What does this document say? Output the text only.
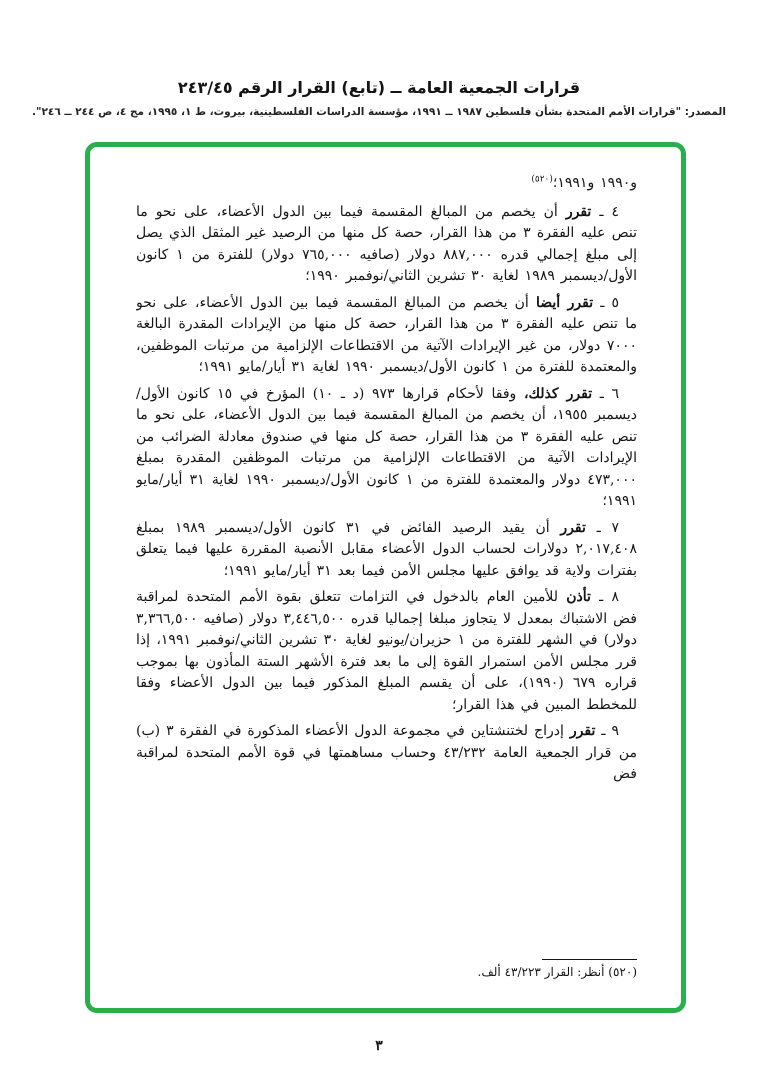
قرارات الجمعية العامة ــ (تابع) القرار الرقم ٢٤٣/٤٥
المصدر: "قرارات الأمم المتحدة بشأن فلسطين ١٩٨٧ ــ ١٩٩١، مؤسسة الدراسات الفلسطينية، بيروت، ط ١، ١٩٩٥، مج ٤، ص ٢٤٤ ــ ٢٤٦".

و١٩٩٠ و١٩٩١؛$^{(٥٢٠)}$

٤ ـ تقرر أن يخصم من المبالغ المقسمة فيما بين الدول الأعضاء، على نحو ما تنص عليه الفقرة ٣ من هذا القرار، حصة كل منها من الرصيد غير المثقل الذي يصل إلى مبلغ إجمالي قدره ٨٨٧,٠٠٠ دولار (صافيه ٧٦٥,٠٠٠ دولار) للفترة من ١ كانون الأول/ديسمبر ١٩٨٩ لغاية ٣٠ تشرين الثاني/نوفمبر ١٩٩٠؛

٥ ـ تقرر أيضا أن يخصم من المبالغ المقسمة فيما بين الدول الأعضاء، على نحو ما تنص عليه الفقرة ٣ من هذا القرار، حصة كل منها من الإيرادات المقدرة البالغة ٧٠٠٠ دولار، من غير الإيرادات الآتية من الاقتطاعات الإلزامية من مرتبات الموظفين، والمعتمدة للفترة من ١ كانون الأول/ديسمبر ١٩٩٠ لغاية ٣١ أيار/مايو ١٩٩١؛

٦ ـ تقرر كذلك، وفقا لأحكام قرارها ٩٧٣ (د ـ ١٠) المؤرخ في ١٥ كانون الأول/ديسمبر ١٩٥٥، أن يخصم من المبالغ المقسمة فيما بين الدول الأعضاء، على نحو ما تنص عليه الفقرة ٣ من هذا القرار، حصة كل منها في صندوق معادلة الضرائب من الإيرادات الآتية من الاقتطاعات الإلزامية من مرتبات الموظفين المقدرة بمبلغ ٤٧٣,٠٠٠ دولار والمعتمدة للفترة من ١ كانون الأول/ديسمبر ١٩٩٠ لغاية ٣١ أيار/مايو ١٩٩١؛

٧ ـ تقرر أن يقيد الرصيد الفائض في ٣١ كانون الأول/ديسمبر ١٩٨٩ بمبلغ ٢,٠١٧,٤٠٨ دولارات لحساب الدول الأعضاء مقابل الأنصبة المقررة عليها فيما يتعلق بفترات ولاية قد يوافق عليها مجلس الأمن فيما بعد ٣١ أيار/مايو ١٩٩١؛

٨ ـ تأذن للأمين العام بالدخول في التزامات تتعلق بقوة الأمم المتحدة لمراقبة فض الاشتباك بمعدل لا يتجاوز مبلغا إجماليا قدره ٣,٤٤٦,٥٠٠ دولار (صافيه ٣,٣٦٦,٥٠٠ دولار) في الشهر للفترة من ١ حزيران/يونيو لغاية ٣٠ تشرين الثاني/نوفمبر ١٩٩١، إذا قرر مجلس الأمن استمرار القوة إلى ما بعد فترة الأشهر الستة المأذون بها بموجب قراره ٦٧٩ (١٩٩٠)، على أن يقسم المبلغ المذكور فيما بين الدول الأعضاء وفقا للمخطط المبين في هذا القرار؛

٩ ـ تقرر إدراج لختنشتاين في مجموعة الدول الأعضاء المذكورة في الفقرة ٣ (ب) من قرار الجمعية العامة ٤٣/٢٣٢ وحساب مساهمتها في قوة الأمم المتحدة لمراقبة فض

(٥٢٠) أنظر: القرار ٤٣/٢٢٣ ألف.

٣
